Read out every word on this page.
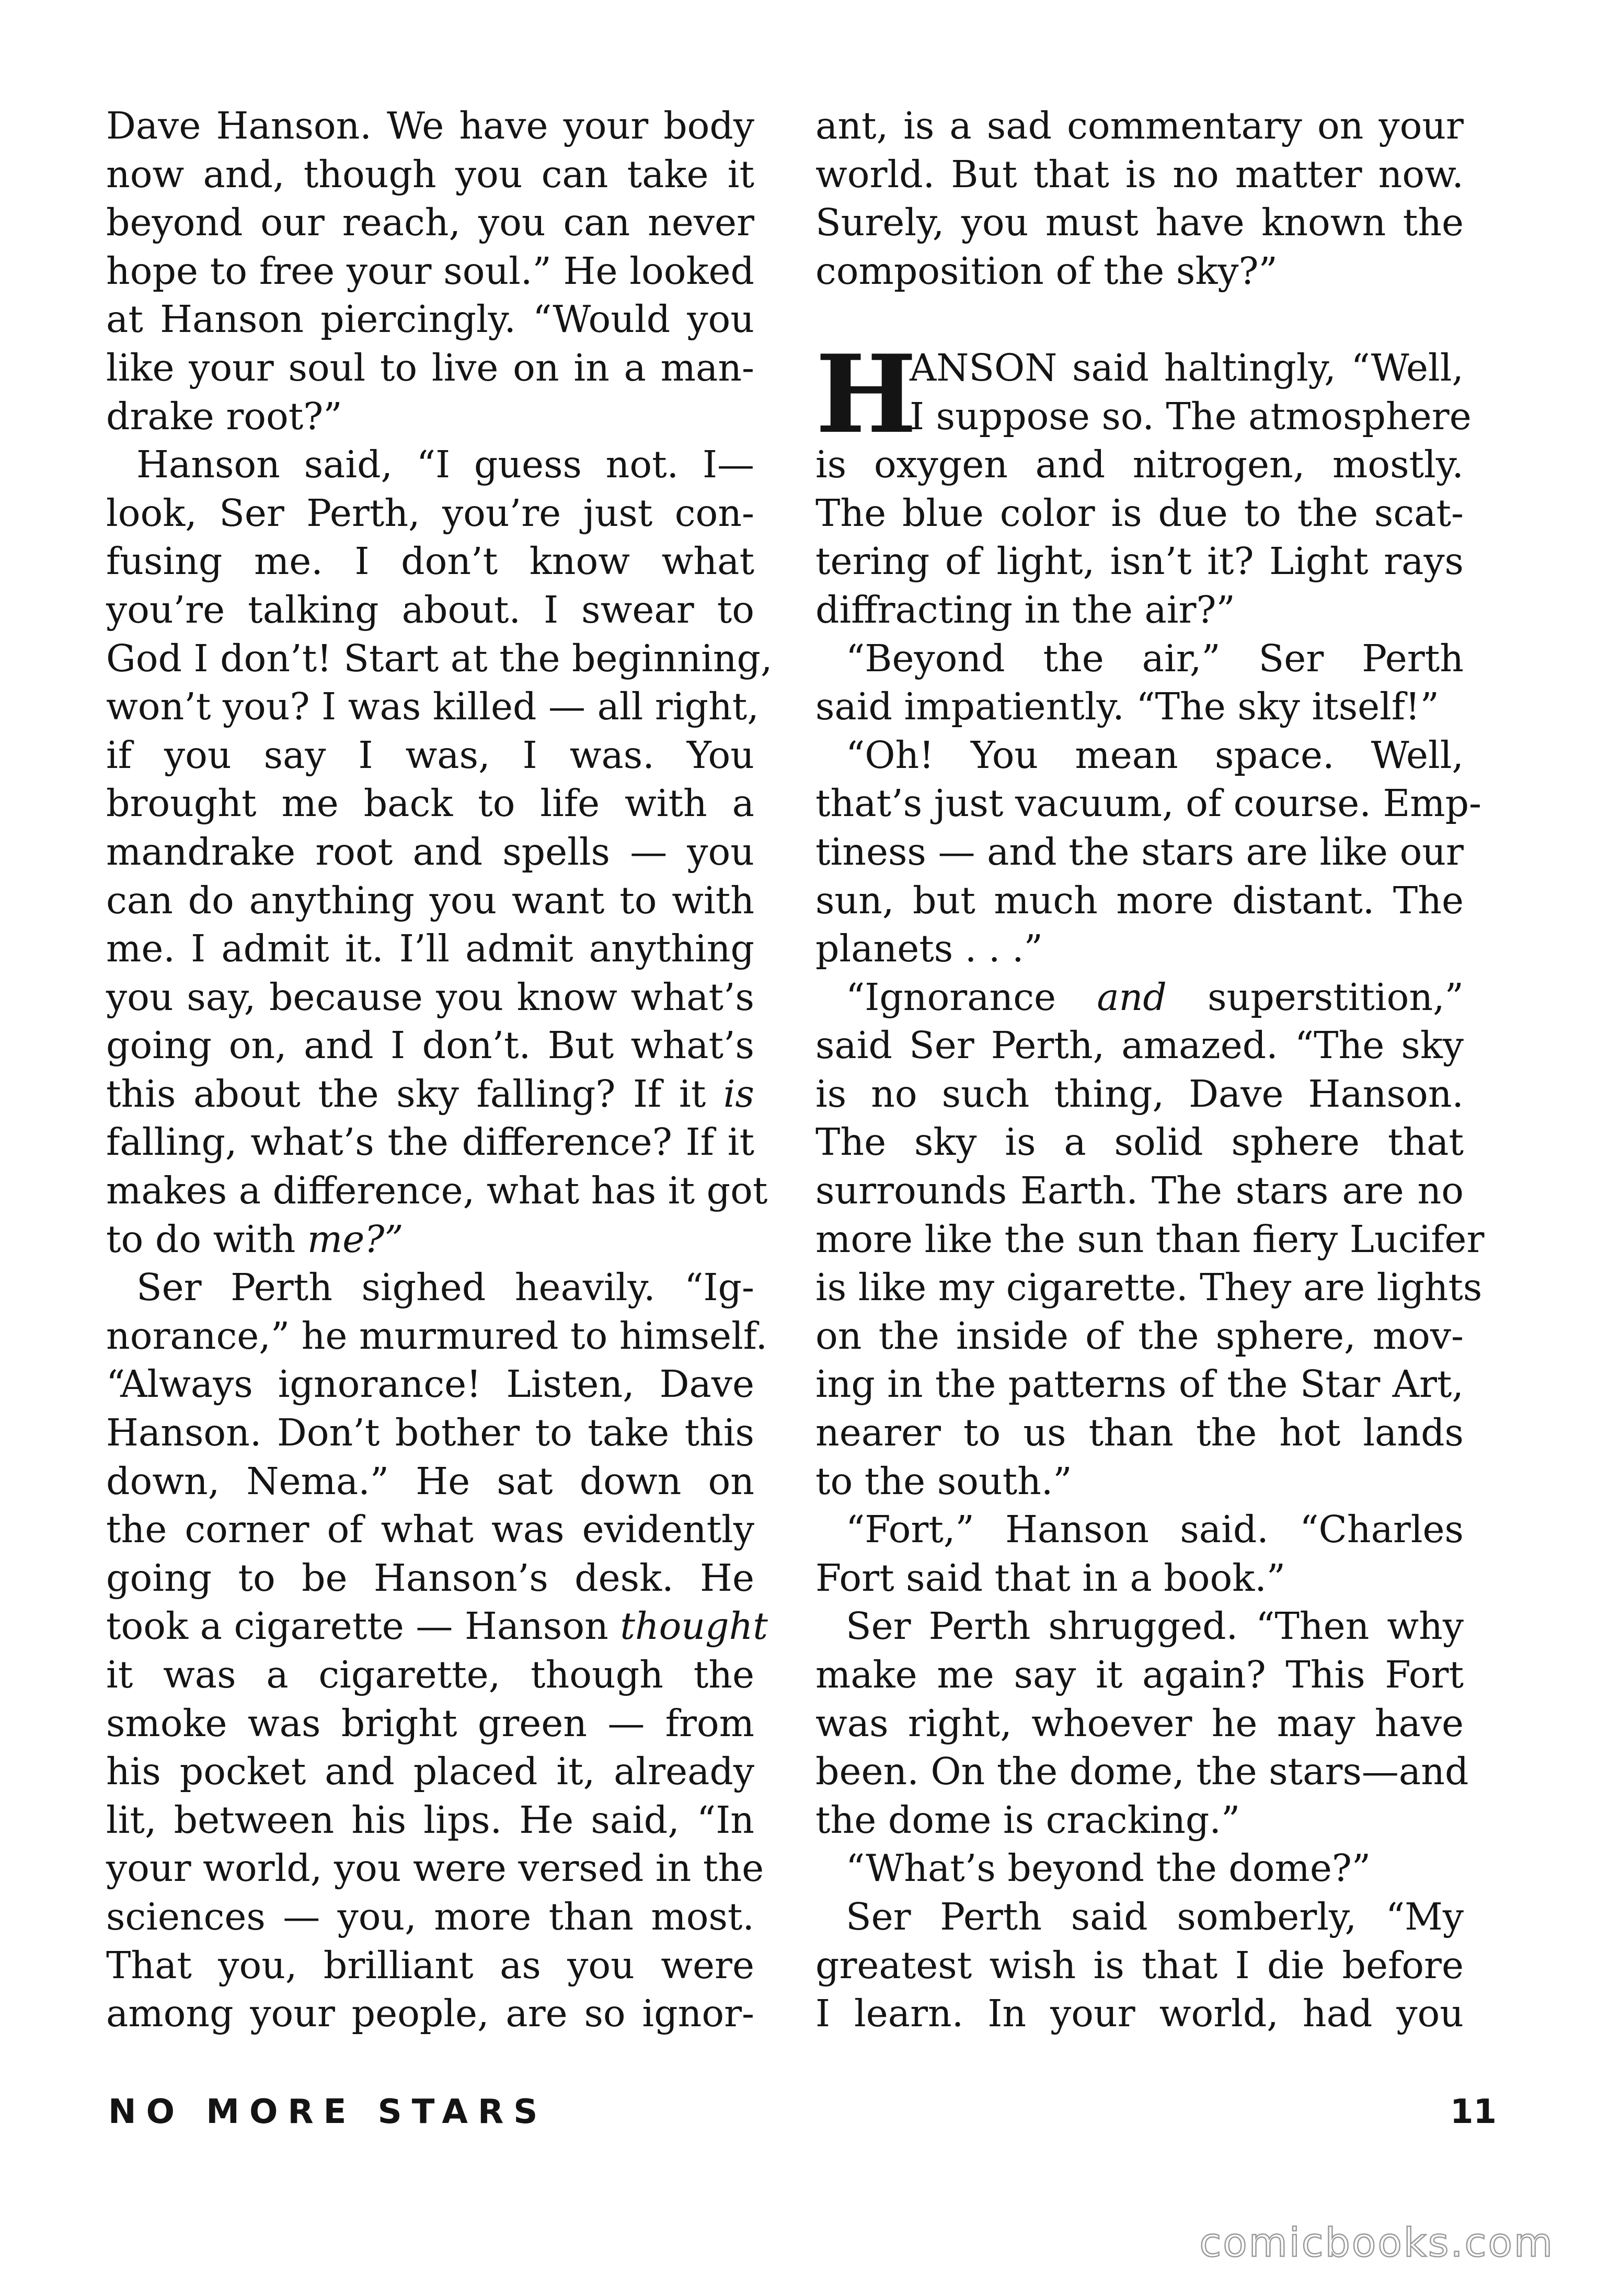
Dave Hanson. We have your body
now and, though you can take it
beyond our reach, you can never
hope to free your soul.” He looked
at Hanson piercingly. “Would you
like your soul to live on in a man-
drake root?”
Hanson said, “I guess not. I—
look, Ser Perth, you’re just con-
fusing me. I don’t know what
you’re talking about. I swear to
God I don’t! Start at the beginning,
won’t you? I was killed — all right,
if you say I was, I was. You
brought me back to life with a
mandrake root and spells — you
can do anything you want to with
me. I admit it. I’ll admit anything
you say, because you know what’s
going on, and I don’t. But what’s
this about the sky falling? If it is
falling, what’s the difference? If it
makes a difference, what has it got
to do with me?”
Ser Perth sighed heavily. “Ig-
norance,” he murmured to himself.
“Always ignorance! Listen, Dave
Hanson. Don’t bother to take this
down, Nema.” He sat down on
the corner of what was evidently
going to be Hanson’s desk. He
took a cigarette — Hanson thought
it was a cigarette, though the
smoke was bright green — from
his pocket and placed it, already
lit, between his lips. He said, “In
your world, you were versed in the
sciences — you, more than most.
That you, brilliant as you were
among your people, are so ignor-
ant, is a sad commentary on your
world. But that is no matter now.
Surely, you must have known the
composition of the sky?”
H
ANSON said haltingly, “Well,
I suppose so. The atmosphere
is oxygen and nitrogen, mostly.
The blue color is due to the scat-
tering of light, isn’t it? Light rays
diffracting in the air?”
“Beyond the air,” Ser Perth
said impatiently. “The sky itself!”
“Oh! You mean space. Well,
that’s just vacuum, of course. Emp-
tiness — and the stars are like our
sun, but much more distant. The
planets . . .”
“Ignorance and superstition,”
said Ser Perth, amazed. “The sky
is no such thing, Dave Hanson.
The sky is a solid sphere that
surrounds Earth. The stars are no
more like the sun than fiery Lucifer
is like my cigarette. They are lights
on the inside of the sphere, mov-
ing in the patterns of the Star Art,
nearer to us than the hot lands
to the south.”
“Fort,” Hanson said. “Charles
Fort said that in a book.”
Ser Perth shrugged. “Then why
make me say it again? This Fort
was right, whoever he may have
been. On the dome, the stars—and
the dome is cracking.”
“What’s beyond the dome?”
Ser Perth said somberly, “My
greatest wish is that I die before
I learn. In your world, had you
NO MORE STARS	11
comicbooks.com
